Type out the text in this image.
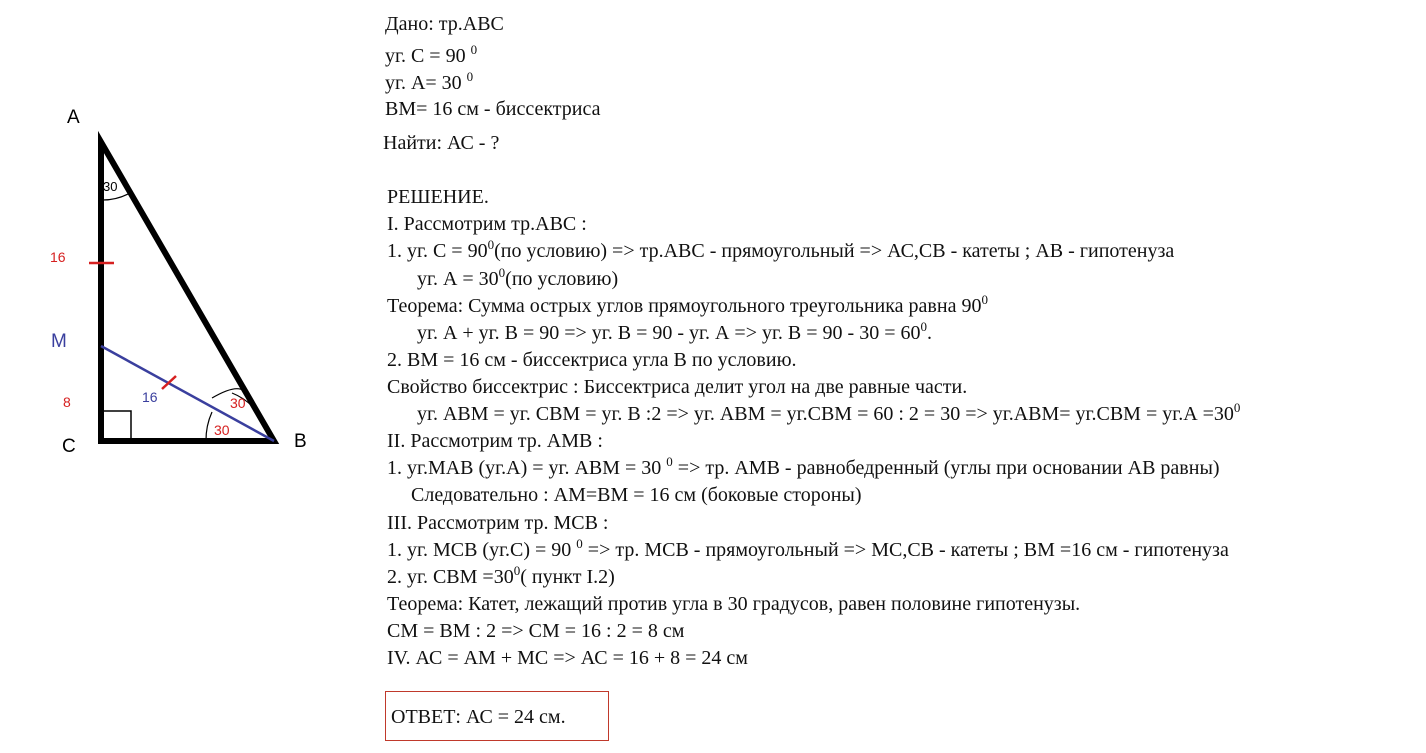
A
B
C
M
30
30
30
16
8	16
Дано: тр.ABC
уг. С = 90 $^0$
уг. А= 30 $^0$
ВМ= 16 см - биссектриса
Найти: АС - ?
РЕШЕНИЕ.
I. Рассмотрим тр.АВС :
1. уг. $С = 90^0(по$ условию) => тр.АВС - прямоугольный => АС,СВ - катеты ; АВ - гипотенуза
уг. $А = 30^0(по$ условию)
Теорема: Сумма острых углов прямоугольного треугольника равна $90^0$
уг. А + уг. В = 90 => уг. В = 90 - уг. А => уг. $В = 90 - 30 = 60^0$.
2. ВМ = 16 см - биссектриса угла В по условию.
Свойство биссектрис : Биссектриса делит угол на две равные части.
уг. АВМ = уг. СВМ = уг. В :2 => уг. АВМ = уг.СВМ = 60 : $2 = 30 => уг.АВМ= уг.СВМ = уг.А =30^0$
II. Рассмотрим тр. АМВ :
1. уг.МАВ (уг.А) = уг. АВМ = 30 $^0$ => тр. АМВ - равнобедренный (углы при основании АВ равны)
Следовательно : АМ=ВМ = 16 см (боковые стороны)
III. Рассмотрим тр. МСВ :
1. уг. МСВ (уг.С) = 90 $^0$ => тр. МСВ - прямоугольный => МС,СВ - катеты ; ВМ =16 см - гипотенуза
2. уг. СВМ $=30^0$( пункт I.2)
Теорема: Катет, лежащий против угла в 30 градусов, равен половине гипотенузы.
СМ = ВМ : 2 => СМ = 16 : 2 = 8 см
IV. АС = АМ + МС => АС = 16 + 8 = 24 см
ОТВЕТ: АС = 24 см.
